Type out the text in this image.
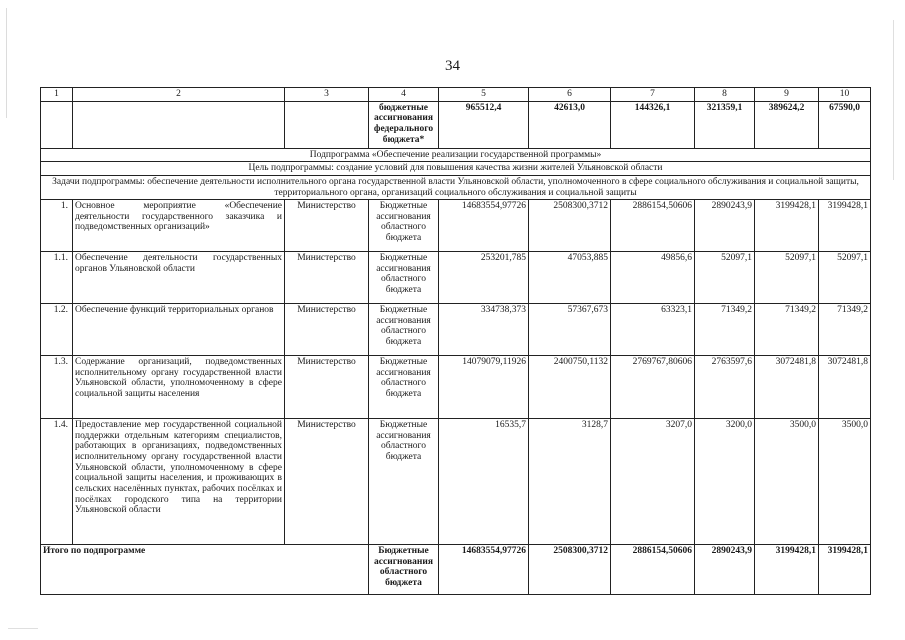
34
1	2	3	4	5	6	7	8	9	10
			бюджетные ассигнования федерального бюджета*	965512,4	42613,0	144326,1	321359,1	389624,2	67590,0
Подпрограмма «Обеспечение реализации государственной программы»									
Цель подпрограммы: создание условий для повышения качества жизни жителей Ульяновской области									
Задачи подпрограммы: обеспечение деятельности исполнительного органа государственной власти Ульяновской области, уполномоченного в сфере социального обслуживания и социальной защиты, территориального органа, организаций социального обслуживания и социальной защиты									
1.	Основное мероприятие «Обеспечение деятельности государственного заказчика и подведомственных организаций»	Министерство	Бюджетные ассигнования областного бюджета	14683554,97726	2508300,3712	2886154,50606	2890243,9	3199428,1	3199428,1
1.1.	Обеспечение деятельности государственных органов Ульяновской области	Министерство	Бюджетные ассигнования областного бюджета	253201,785	47053,885	49856,6	52097,1	52097,1	52097,1
1.2.	Обеспечение функций территориальных органов	Министерство	Бюджетные ассигнования областного бюджета	334738,373	57367,673	63323,1	71349,2	71349,2	71349,2
1.3.	Содержание организаций, подведомственных исполнительному органу государственной власти Ульяновской области, уполномоченному в сфере социальной защиты населения	Министерство	Бюджетные ассигнования областного бюджета	14079079,11926	2400750,1132	2769767,80606	2763597,6	3072481,8	3072481,8
1.4.	Предоставление мер государственной социальной поддержки отдельным категориям специалистов, работающих в организациях, подведомственных исполнительному органу государственной власти Ульяновской области, уполномоченному в сфере социальной защиты населения, и проживающих в сельских населённых пунктах, рабочих посёлках и посёлках городского типа на территории Ульяновской области	Министерство	Бюджетные ассигнования областного бюджета	16535,7	3128,7	3207,0	3200,0	3500,0	3500,0
Итого по подпрограмме			Бюджетные ассигнования областного бюджета	14683554,97726	2508300,3712	2886154,50606	2890243,9	3199428,1	3199428,1
